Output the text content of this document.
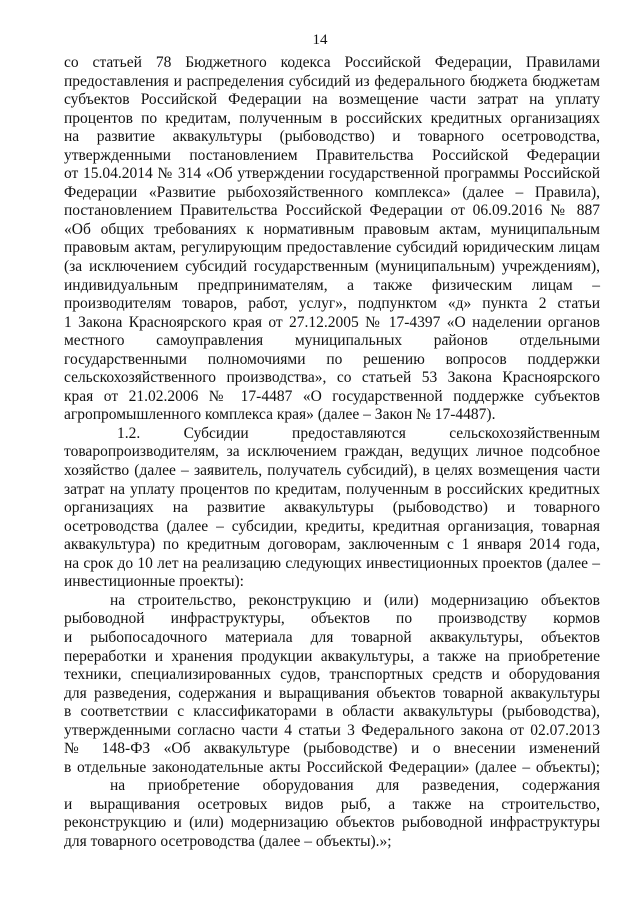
14
со статьей 78 Бюджетного кодекса Российской Федерации, Правилами
предоставления и распределения субсидий из федерального бюджета бюджетам
субъектов Российской Федерации на возмещение части затрат на уплату
процентов по кредитам, полученным в российских кредитных организациях
на развитие аквакультуры (рыбоводство) и товарного осетроводства,
утвержденными постановлением Правительства Российской Федерации
от 15.04.2014 № 314 «Об утверждении государственной программы Российской
Федерации «Развитие рыбохозяйственного комплекса» (далее – Правила),
постановлением Правительства Российской Федерации от 06.09.2016 № 887
«Об общих требованиях к нормативным правовым актам, муниципальным
правовым актам, регулирующим предоставление субсидий юридическим лицам
(за исключением субсидий государственным (муниципальным) учреждениям),
индивидуальным предпринимателям, а также физическим лицам –
производителям товаров, работ, услуг», подпунктом «д» пункта 2 статьи
1 Закона Красноярского края от 27.12.2005 № 17-4397 «О наделении органов
местного самоуправления муниципальных районов отдельными
государственными полномочиями по решению вопросов поддержки
сельскохозяйственного производства», со статьей 53 Закона Красноярского
края от 21.02.2006 № 17-4487 «О государственной поддержке субъектов
агропромышленного комплекса края» (далее – Закон № 17-4487).
1.2. Субсидии предоставляются сельскохозяйственным
товаропроизводителям, за исключением граждан, ведущих личное подсобное
хозяйство (далее – заявитель, получатель субсидий), в целях возмещения части
затрат на уплату процентов по кредитам, полученным в российских кредитных
организациях на развитие аквакультуры (рыбоводство) и товарного
осетроводства (далее – субсидии, кредиты, кредитная организация, товарная
аквакультура) по кредитным договорам, заключенным с 1 января 2014 года,
на срок до 10 лет на реализацию следующих инвестиционных проектов (далее –
инвестиционные проекты):
на строительство, реконструкцию и (или) модернизацию объектов
рыбоводной инфраструктуры, объектов по производству кормов
и рыбопосадочного материала для товарной аквакультуры, объектов
переработки и хранения продукции аквакультуры, а также на приобретение
техники, специализированных судов, транспортных средств и оборудования
для разведения, содержания и выращивания объектов товарной аквакультуры
в соответствии с классификаторами в области аквакультуры (рыбоводства),
утвержденными согласно части 4 статьи 3 Федерального закона от 02.07.2013
№ 148-ФЗ «Об аквакультуре (рыбоводстве) и о внесении изменений
в отдельные законодательные акты Российской Федерации» (далее – объекты);
на приобретение оборудования для разведения, содержания
и выращивания осетровых видов рыб, а также на строительство,
реконструкцию и (или) модернизацию объектов рыбоводной инфраструктуры
для товарного осетроводства (далее – объекты).»;
